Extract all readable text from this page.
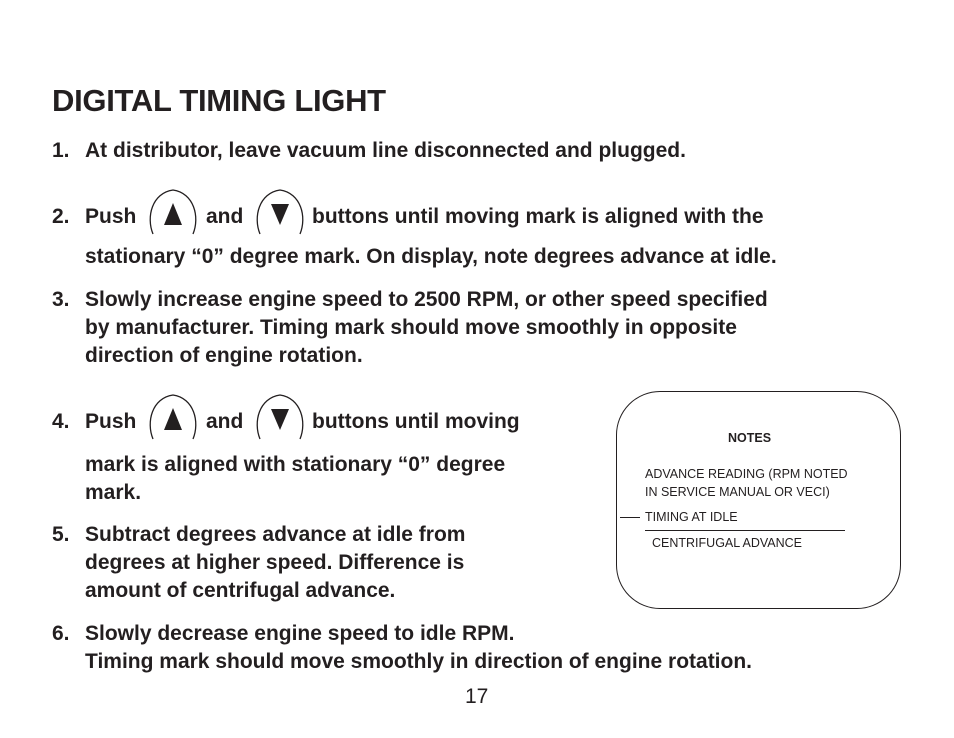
DIGITAL TIMING LIGHT
1. At distributor, leave vacuum line disconnected and plugged.
2. Push	and	buttons until moving mark is aligned with the
stationary “0” degree mark. On display, note degrees advance at idle.
3. Slowly increase engine speed to 2500 RPM, or other speed specified
by manufacturer. Timing mark should move smoothly in opposite
direction of engine rotation.
4. Push	and	buttons until moving
mark is aligned with stationary “0” degree
mark.
5. Subtract degrees advance at idle from
degrees at higher speed. Difference is
amount of centrifugal advance.
6. Slowly decrease engine speed to idle RPM.
Timing mark should move smoothly in direction of engine rotation.
NOTES
ADVANCE READING (RPM NOTED
IN SERVICE MANUAL OR VECI)
TIMING AT IDLE
CENTRIFUGAL ADVANCE
17
